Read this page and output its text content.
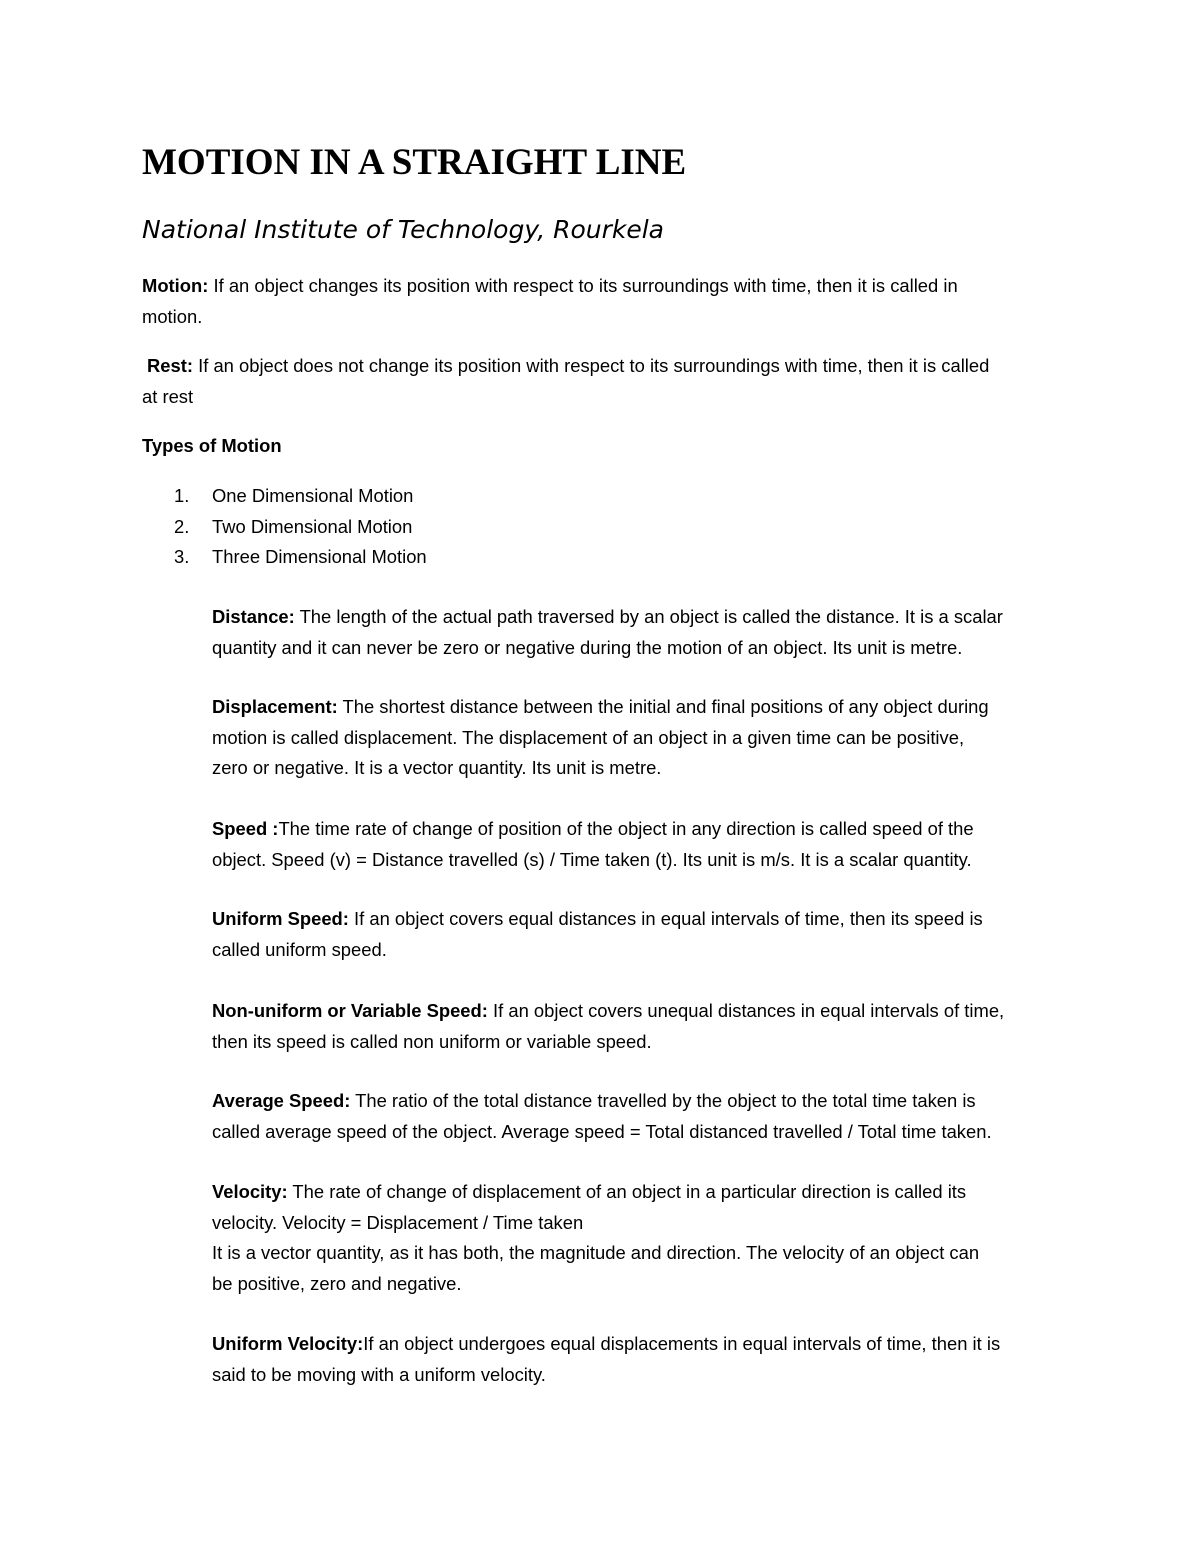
MOTION IN A STRAIGHT LINE
National Institute of Technology, Rourkela
Motion: If an object changes its position with respect to its surroundings with time, then it is called in
motion.
Rest: If an object does not change its position with respect to its surroundings with time, then it is called
at rest
Types of Motion
1. One Dimensional Motion
2. Two Dimensional Motion
3. Three Dimensional Motion
Distance: The length of the actual path traversed by an object is called the distance. It is a scalar
quantity and it can never be zero or negative during the motion of an object. Its unit is metre.
Displacement: The shortest distance between the initial and final positions of any object during
motion is called displacement. The displacement of an object in a given time can be positive,
zero or negative. It is a vector quantity. Its unit is metre.
Speed :The time rate of change of position of the object in any direction is called speed of the
object. Speed (v) = Distance travelled (s) / Time taken (t). Its unit is m/s. It is a scalar quantity.
Uniform Speed: If an object covers equal distances in equal intervals of time, then its speed is
called uniform speed.
Non-uniform or Variable Speed: If an object covers unequal distances in equal intervals of time,
then its speed is called non uniform or variable speed.
Average Speed: The ratio of the total distance travelled by the object to the total time taken is
called average speed of the object. Average speed = Total distanced travelled / Total time taken.
Velocity: The rate of change of displacement of an object in a particular direction is called its
velocity. Velocity = Displacement / Time taken
It is a vector quantity, as it has both, the magnitude and direction. The velocity of an object can
be positive, zero and negative.
Uniform Velocity:If an object undergoes equal displacements in equal intervals of time, then it is
said to be moving with a uniform velocity.
